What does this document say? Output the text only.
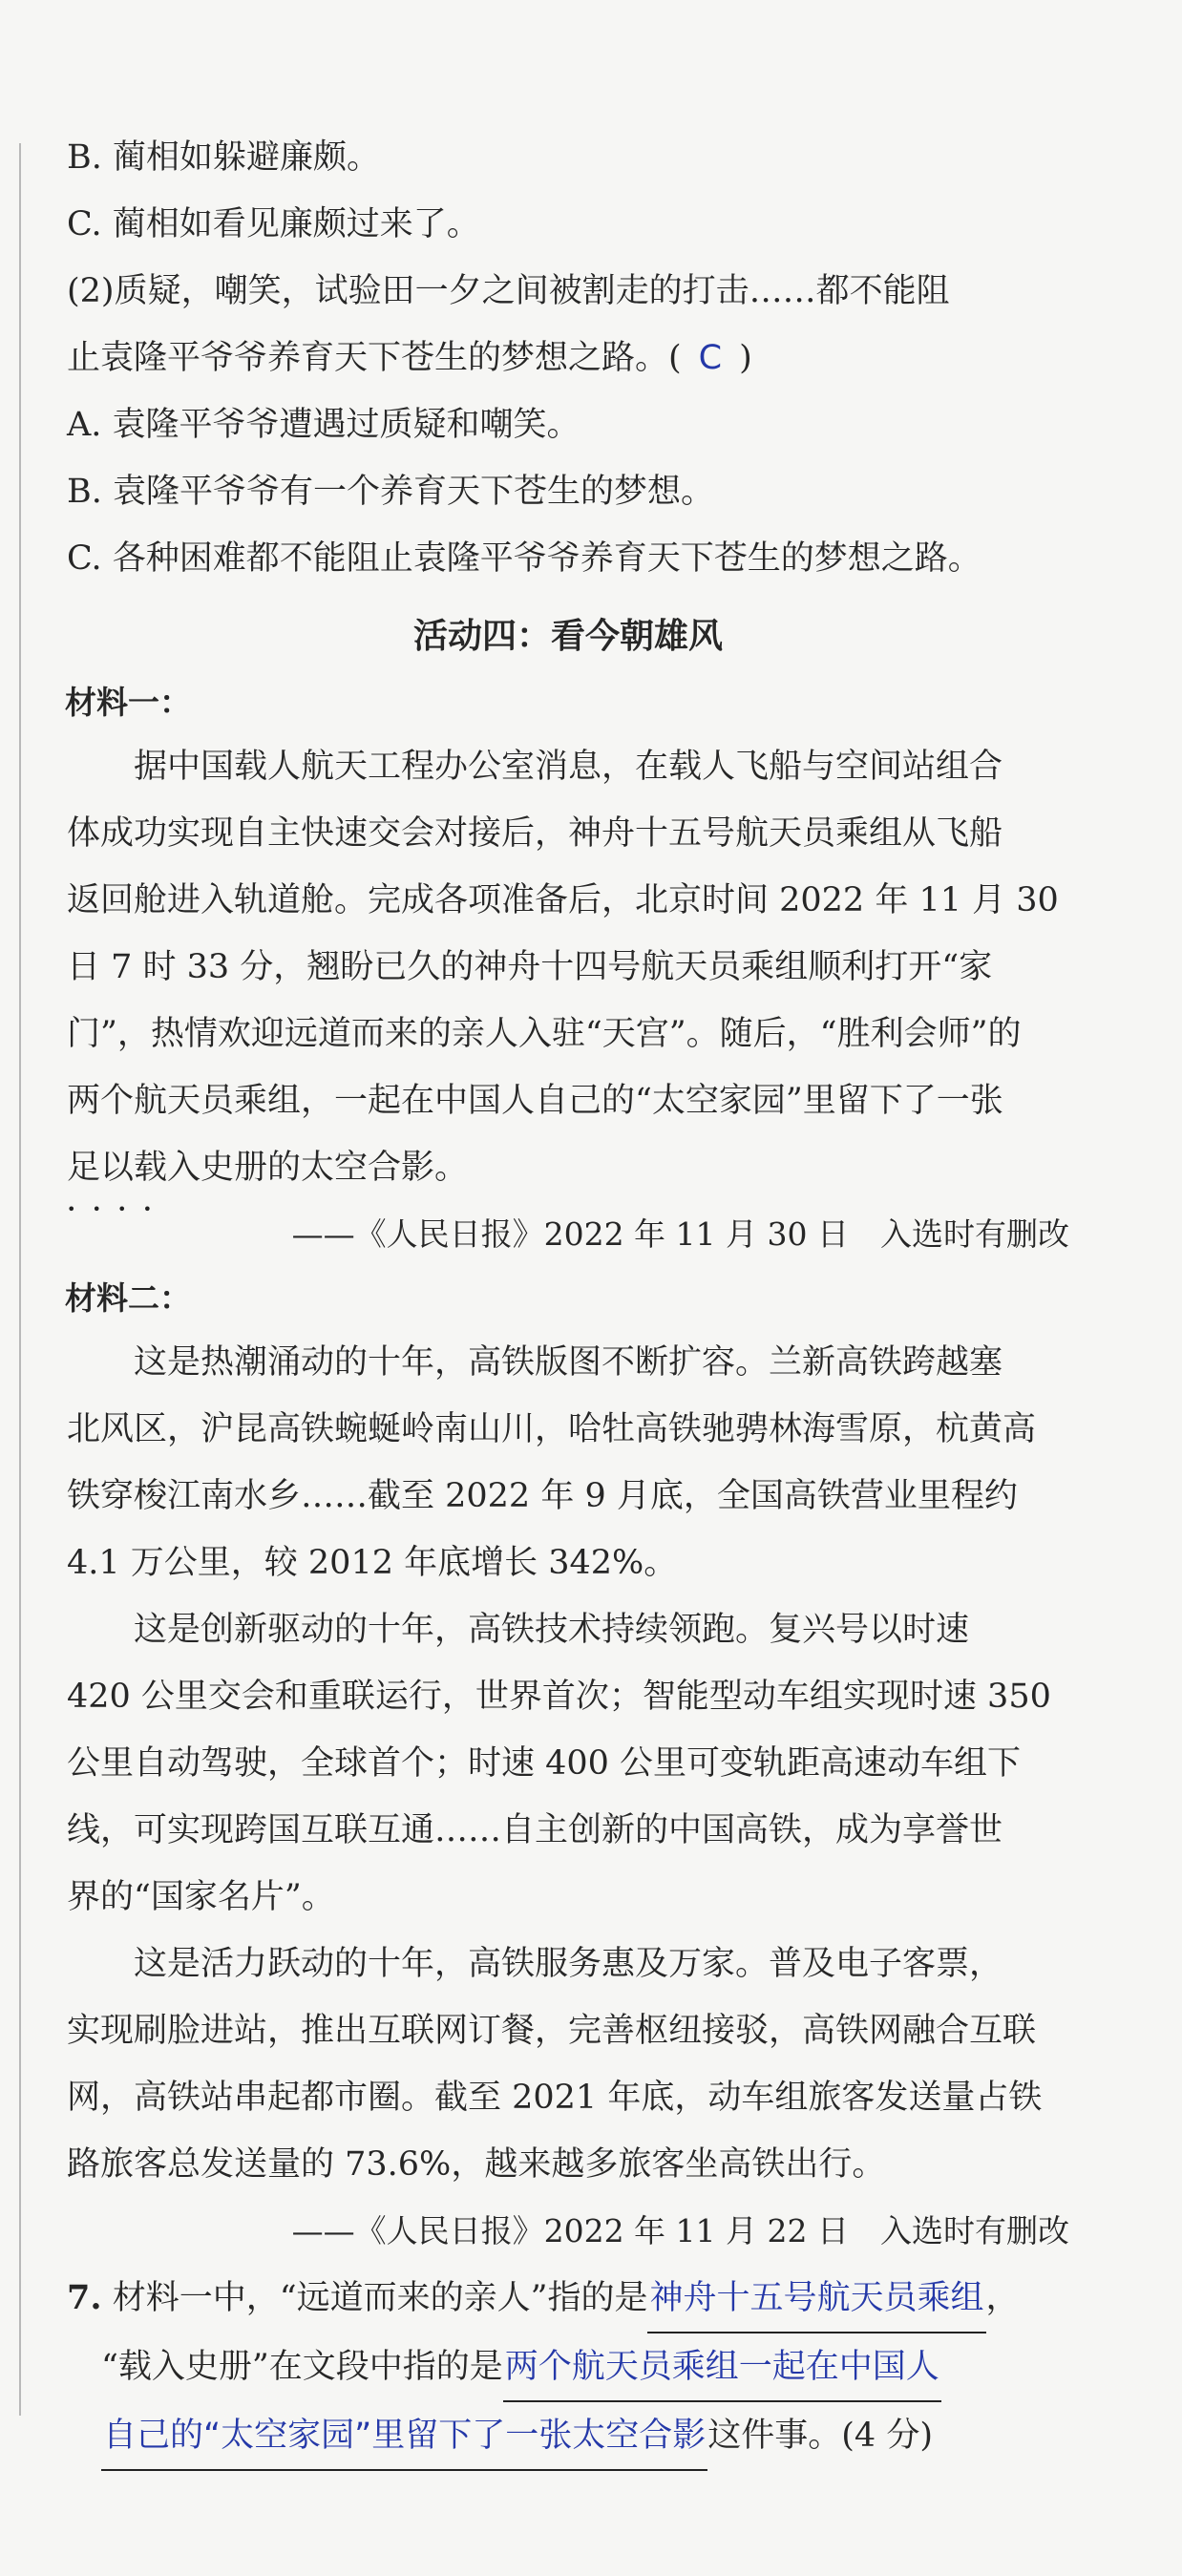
B. 蔺相如躲避廉颇。
C. 蔺相如看见廉颇过来了。
(2)质疑，嘲笑，试验田一夕之间被割走的打击……都不能阻
止袁隆平爷爷养育天下苍生的梦想之路。( C )
A. 袁隆平爷爷遭遇过质疑和嘲笑。
B. 袁隆平爷爷有一个养育天下苍生的梦想。
C. 各种困难都不能阻止袁隆平爷爷养育天下苍生的梦想之路。
活动四：看今朝雄风
材料一：
据中国载人航天工程办公室消息，在载人飞船与空间站组合
体成功实现自主快速交会对接后，神舟十五号航天员乘组从飞船
返回舱进入轨道舱。完成各项准备后，北京时间 2022 年 11 月 30
日 7 时 33 分，翘盼已久的神舟十四号航天员乘组顺利打开“家
门”，热情欢迎远道而来的亲人入驻“天宫”。随后，“胜利会师”的
两个航天员乘组，一起在中国人自己的“太空家园”里留下了一张
足以载入史册的太空合影。 • • • •
——《人民日报》2022 年 11 月 30 日　入选时有删改
材料二：
这是热潮涌动的十年，高铁版图不断扩容。兰新高铁跨越塞
北风区，沪昆高铁蜿蜒岭南山川，哈牡高铁驰骋林海雪原，杭黄高
铁穿梭江南水乡……截至 2022 年 9 月底，全国高铁营业里程约
4.1 万公里，较 2012 年底增长 342%。
这是创新驱动的十年，高铁技术持续领跑。复兴号以时速
420 公里交会和重联运行，世界首次；智能型动车组实现时速 350
公里自动驾驶，全球首个；时速 400 公里可变轨距高速动车组下
线，可实现跨国互联互通……自主创新的中国高铁，成为享誉世
界的“国家名片”。
这是活力跃动的十年，高铁服务惠及万家。普及电子客票，
实现刷脸进站，推出互联网订餐，完善枢纽接驳，高铁网融合互联
网，高铁站串起都市圈。截至 2021 年底，动车组旅客发送量占铁
路旅客总发送量的 73.6%，越来越多旅客坐高铁出行。
——《人民日报》2022 年 11 月 22 日　入选时有删改
7. 材料一中，“远道而来的亲人”指的是神舟十五号航天员乘组，
“载入史册”在文段中指的是两个航天员乘组一起在中国人
自己的“太空家园”里留下了一张太空合影这件事。(4 分)
